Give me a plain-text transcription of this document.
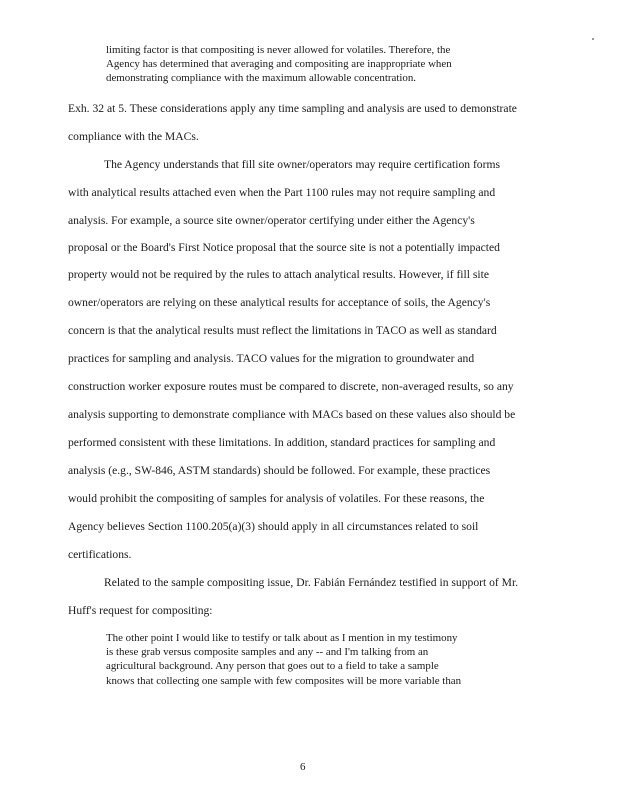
limiting factor is that compositing is never allowed for volatiles. Therefore, the
Agency has determined that averaging and compositing are inappropriate when
demonstrating compliance with the maximum allowable concentration.
Exh. 32 at 5. These considerations apply any time sampling and analysis are used to demonstrate
compliance with the MACs.
The Agency understands that fill site owner/operators may require certification forms
with analytical results attached even when the Part 1100 rules may not require sampling and
analysis. For example, a source site owner/operator certifying under either the Agency's
proposal or the Board's First Notice proposal that the source site is not a potentially impacted
property would not be required by the rules to attach analytical results. However, if fill site
owner/operators are relying on these analytical results for acceptance of soils, the Agency's
concern is that the analytical results must reflect the limitations in TACO as well as standard
practices for sampling and analysis. TACO values for the migration to groundwater and
construction worker exposure routes must be compared to discrete, non-averaged results, so any
analysis supporting to demonstrate compliance with MACs based on these values also should be
performed consistent with these limitations. In addition, standard practices for sampling and
analysis (e.g., SW-846, ASTM standards) should be followed. For example, these practices
would prohibit the compositing of samples for analysis of volatiles. For these reasons, the
Agency believes Section 1100.205(a)(3) should apply in all circumstances related to soil
certifications.
Related to the sample compositing issue, Dr. Fabián Fernández testified in support of Mr.
Huff's request for compositing:
The other point I would like to testify or talk about as I mention in my testimony
is these grab versus composite samples and any -- and I'm talking from an
agricultural background. Any person that goes out to a field to take a sample
knows that collecting one sample with few composites will be more variable than
6
